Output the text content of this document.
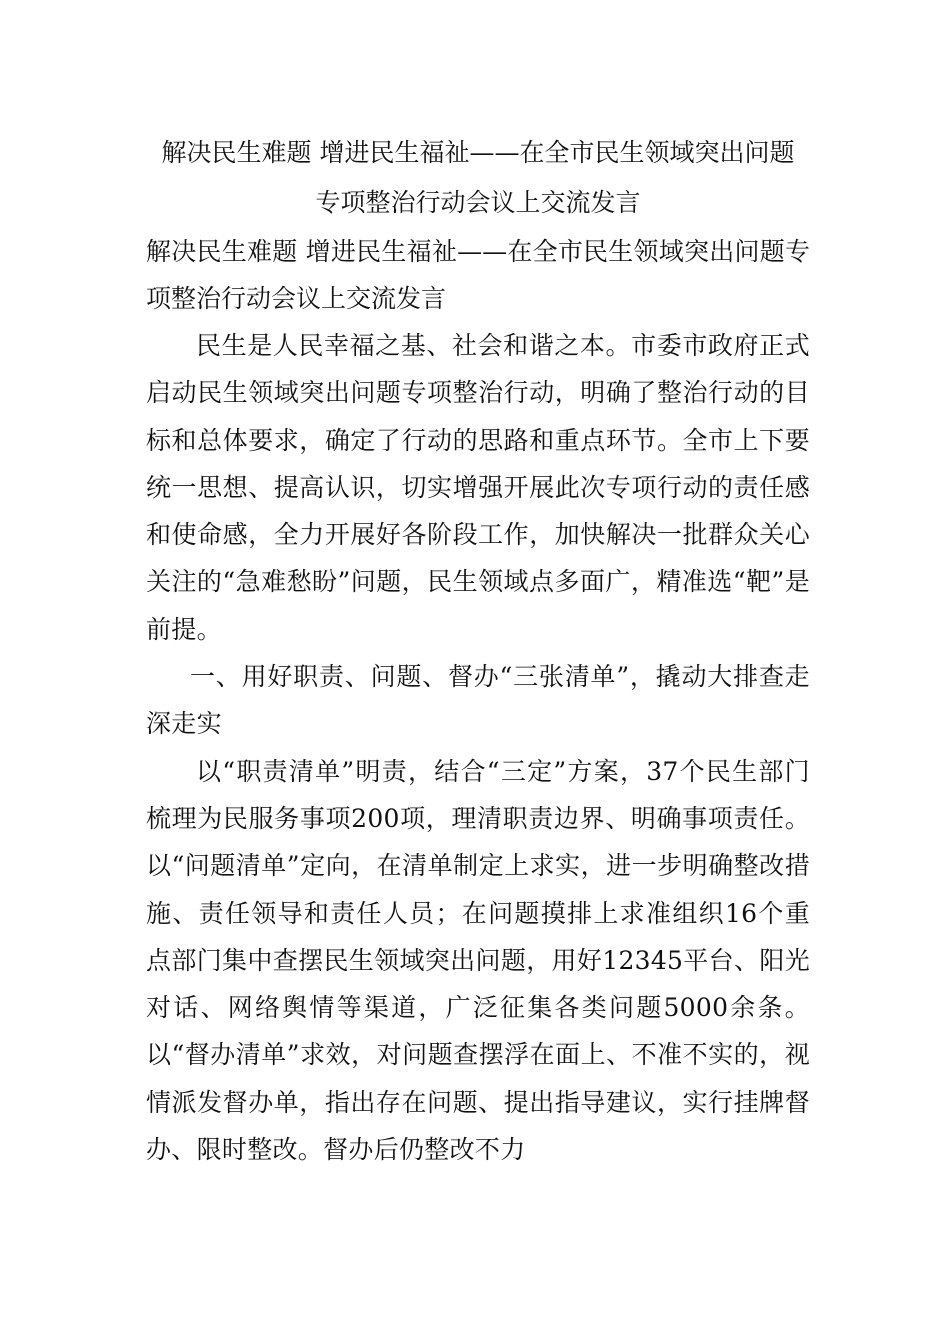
解决民生难题 增进民生福祉——在全市民生领域突出问题
专项整治行动会议上交流发言
解决民生难题 增进民生福祉——在全市民生领域突出问题专项整治行动会议上交流发言

民生是人民幸福之基、社会和谐之本。市委市政府正式启动民生领域突出问题专项整治行动，明确了整治行动的目标和总体要求，确定了行动的思路和重点环节。全市上下要统一思想、提高认识，切实增强开展此次专项行动的责任感和使命感，全力开展好各阶段工作，加快解决一批群众关心关注的“急难愁盼”问题，民生领域点多面广，精准选“靶”是前提。

一、用好职责、问题、督办“三张清单”，撬动大排查走深走实

以“职责清单”明责，结合“三定”方案，37个民生部门梳理为民服务事项200项，理清职责边界、明确事项责任。以“问题清单”定向，在清单制定上求实，进一步明确整改措施、责任领导和责任人员；在问题摸排上求准组织16个重点部门集中查摆民生领域突出问题，用好12345平台、阳光对话、网络舆情等渠道，广泛征集各类问题5000余条。以“督办清单”求效，对问题查摆浮在面上、不准不实的，视情派发督办单，指出存在问题、提出指导建议，实行挂牌督办、限时整改。督办后仍整改不力
